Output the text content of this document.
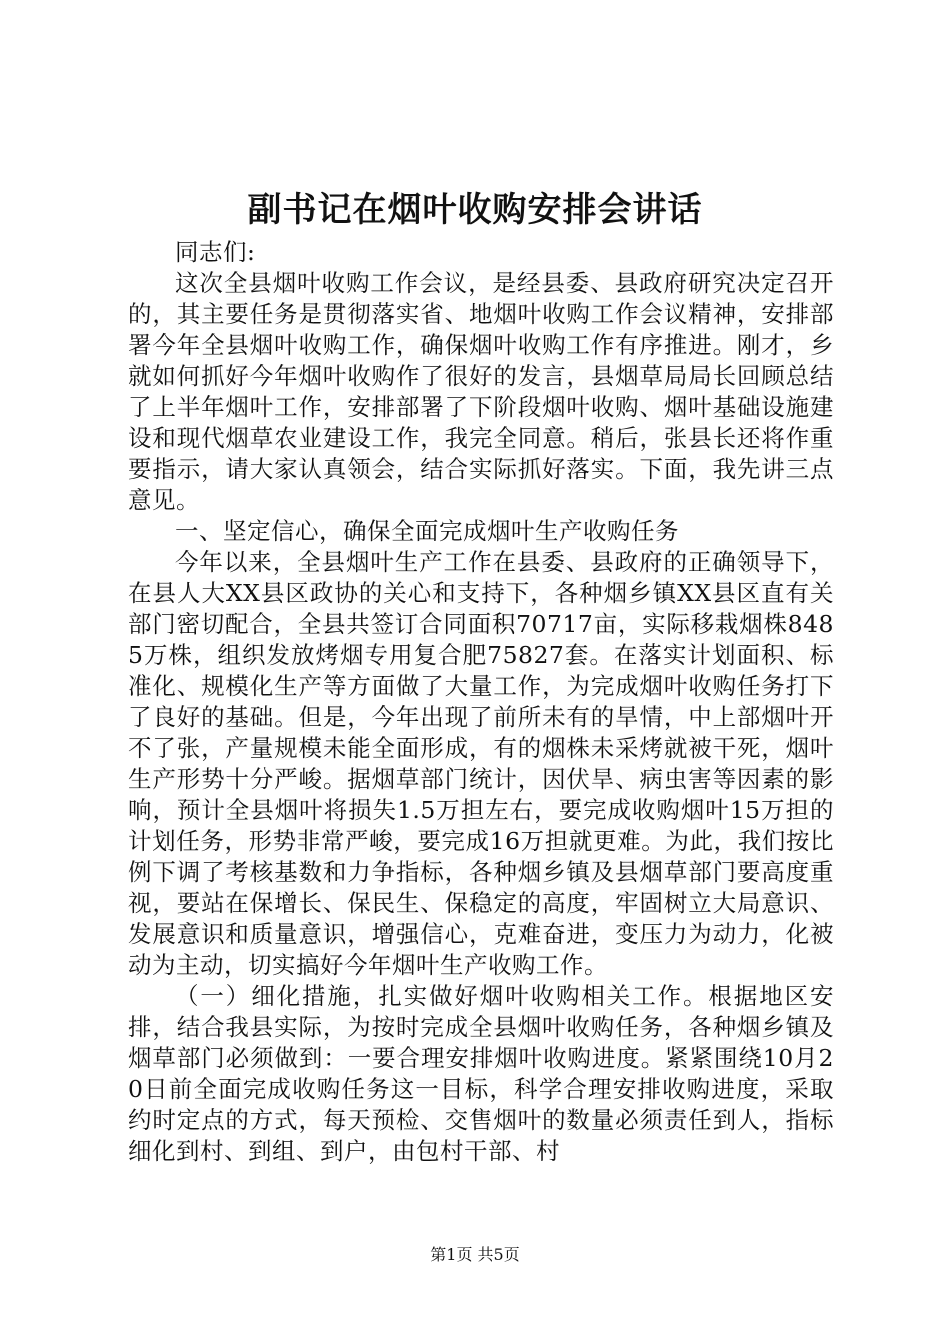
副书记在烟叶收购安排会讲话

同志们:

这次全县烟叶收购工作会议，是经县委、县政府研究决定召开的，其主要任务是贯彻落实省、地烟叶收购工作会议精神，安排部署今年全县烟叶收购工作，确保烟叶收购工作有序推进。刚才，乡就如何抓好今年烟叶收购作了很好的发言，县烟草局局长回顾总结了上半年烟叶工作，安排部署了下阶段烟叶收购、烟叶基础设施建设和现代烟草农业建设工作，我完全同意。稍后，张县长还将作重要指示，请大家认真领会，结合实际抓好落实。下面，我先讲三点意见。

一、坚定信心，确保全面完成烟叶生产收购任务

今年以来，全县烟叶生产工作在县委、县政府的正确领导下，在县人大XX县区政协的关心和支持下，各种烟乡镇XX县区直有关部门密切配合，全县共签订合同面积70717亩，实际移栽烟株8485万株，组织发放烤烟专用复合肥75827套。在落实计划面积、标准化、规模化生产等方面做了大量工作，为完成烟叶收购任务打下了良好的基础。但是，今年出现了前所未有的旱情，中上部烟叶开不了张，产量规模未能全面形成，有的烟株未采烤就被干死，烟叶生产形势十分严峻。据烟草部门统计，因伏旱、病虫害等因素的影响，预计全县烟叶将损失1.5万担左右，要完成收购烟叶15万担的计划任务，形势非常严峻，要完成16万担就更难。为此，我们按比例下调了考核基数和力争指标，各种烟乡镇及县烟草部门要高度重视，要站在保增长、保民生、保稳定的高度，牢固树立大局意识、发展意识和质量意识，增强信心，克难奋进，变压力为动力，化被动为主动，切实搞好今年烟叶生产收购工作。

（一）细化措施，扎实做好烟叶收购相关工作。根据地区安排，结合我县实际，为按时完成全县烟叶收购任务，各种烟乡镇及烟草部门必须做到：一要合理安排烟叶收购进度。紧紧围绕10月20日前全面完成收购任务这一目标，科学合理安排收购进度，采取约时定点的方式，每天预检、交售烟叶的数量必须责任到人，指标细化到村、到组、到户，由包村干部、村

第1页 共5页
